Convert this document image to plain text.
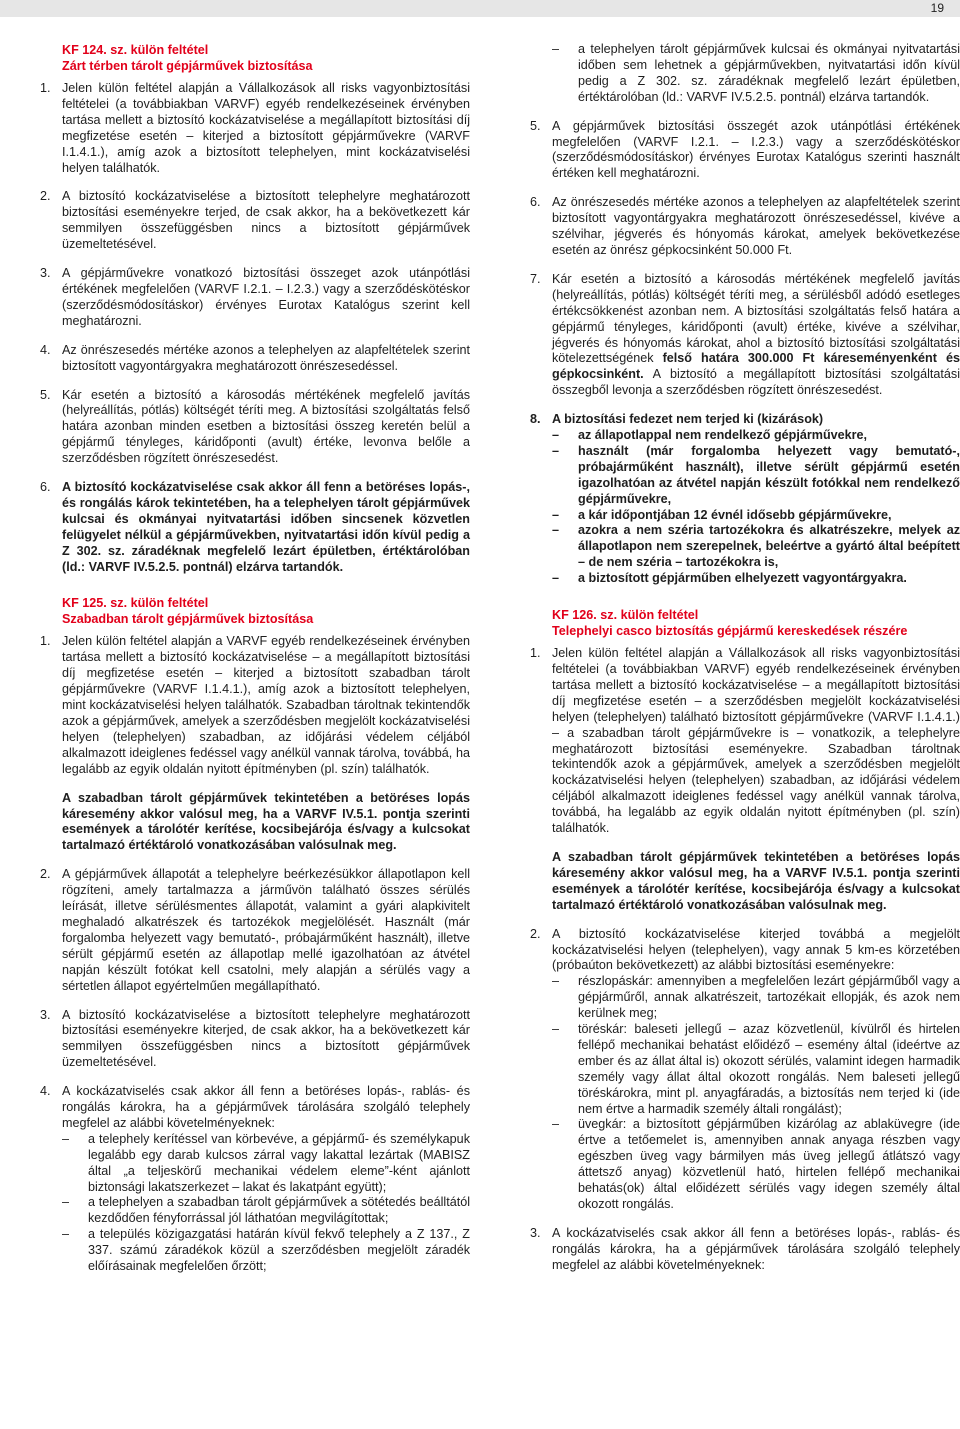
19
KF 124. sz. külön feltétel
Zárt térben tárolt gépjárművek biztosítása
1. Jelen külön feltétel alapján a Vállalkozások all risks vagyonbiztosítási feltételei (a továbbiakban VARVF) egyéb rendelkezéseinek érvényben tartása mellett a biztosító kockázatviselése a megállapított biztosítási díj megfizetése esetén – kiterjed a biztosított gépjárművekre (VARVF I.1.4.1.), amíg azok a biztosított telephelyen, mint kockázatviselési helyen találhatók.
2. A biztosító kockázatviselése a biztosított telephelyre meghatározott biztosítási eseményekre terjed, de csak akkor, ha a bekövetkezett kár semmilyen összefüggésben nincs a biztosított gépjárművek üzemeltetésével.
3. A gépjárművekre vonatkozó biztosítási összeget azok utánpótlási értékének megfelelően (VARVF I.2.1. – I.2.3.) vagy a szerződéskötéskor (szerződésmódosításkor) érvényes Eurotax Katalógus szerint kell meghatározni.
4. Az önrészesedés mértéke azonos a telephelyen az alapfeltételek szerint biztosított vagyontárgyakra meghatározott önrészesedéssel.
5. Kár esetén a biztosító a károsodás mértékének megfelelő javítás (helyreállítás, pótlás) költségét téríti meg. A biztosítási szolgáltatás felső határa azonban minden esetben a biztosítási összeg keretén belül a gépjármű tényleges, káridőponti (avult) értéke, levonva belőle a szerződésben rögzített önrészesedést.
6. A biztosító kockázatviselése csak akkor áll fenn a betöréses lopás-, és rongálás károk tekintetében, ha a telephelyen tárolt gépjárművek kulcsai és okmányai nyitvatartási időben sincsenek közvetlen felügyelet nélkül a gépjárművekben, nyitvatartási időn kívül pedig a Z 302. sz. záradéknak megfelelő lezárt épületben, értéktárolóban (ld.: VARVF IV.5.2.5. pontnál) elzárva tartandók.
KF 125. sz. külön feltétel
Szabadban tárolt gépjárművek biztosítása
1. Jelen külön feltétel alapján a VARVF egyéb rendelkezéseinek érvényben tartása mellett a biztosító kockázatviselése – a megállapított biztosítási díj megfizetése esetén – kiterjed a biztosított szabadban tárolt gépjárművekre (VARVF I.1.4.1.), amíg azok a biztosított telephelyen, mint kockázatviselési helyen találhatók. Szabadban tároltnak tekintendők azok a gépjárművek, amelyek a szerződésben megjelölt kockázatviselési helyen (telephelyen) szabadban, az időjárási védelem céljából alkalmazott ideiglenes fedéssel vagy anélkül vannak tárolva, továbbá, ha legalább az egyik oldalán nyitott építményben (pl. szín) találhatók.
A szabadban tárolt gépjárművek tekintetében a betöréses lopás káresemény akkor valósul meg, ha a VARVF IV.5.1. pontja szerinti események a tárolótér kerítése, kocsibejárója és/vagy a kulcsokat tartalmazó értéktároló vonatkozásában valósulnak meg.
2. A gépjárművek állapotát a telephelyre beérkezésükkor állapotlapon kell rögzíteni, amely tartalmazza a járművön található összes sérülés leírását, illetve sérülésmentes állapotát, valamint a gyári alapkivitelt meghaladó alkatrészek és tartozékok megjelölését. Használt (már forgalomba helyezett vagy bemutató-, próbajárműként használt), illetve sérült gépjármű esetén az állapotlap mellé igazolhatóan az átvétel napján készült fotókat kell csatolni, mely alapján a sérülés vagy a sértetlen állapot egyértelműen megállapítható.
3. A biztosító kockázatviselése a biztosított telephelyre meghatározott biztosítási eseményekre kiterjed, de csak akkor, ha a bekövetkezett kár semmilyen összefüggésben nincs a biztosított gépjárművek üzemeltetésével.
4. A kockázatviselés csak akkor áll fenn a betöréses lopás-, rablás- és rongálás károkra, ha a gépjárművek tárolására szolgáló telephely megfelel az alábbi követelményeknek:
– a telephely kerítéssel van körbevéve, a gépjármű- és személykapuk legalább egy darab kulcsos zárral vagy lakattal lezártak (MABISZ által „a teljeskörű mechanikai védelem eleme”-ként ajánlott biztonsági lakatszerkezet – lakat és lakatpánt együtt);
– a telephelyen a szabadban tárolt gépjárművek a sötétedés beálltától kezdődően fényforrással jól láthatóan megvilágítottak;
– a település közigazgatási határán kívül fekvő telephely a Z 137., Z 337. számú záradékok közül a szerződésben megjelölt záradék előírásainak megfelelően őrzött;
– a telephelyen tárolt gépjárművek kulcsai és okmányai nyitvatartási időben sem lehetnek a gépjárművekben, nyitvatartási időn kívül pedig a Z 302. sz. záradéknak megfelelő lezárt épületben, értéktárolóban (ld.: VARVF IV.5.2.5. pontnál) elzárva tartandók.
5. A gépjárművek biztosítási összegét azok utánpótlási értékének megfelelően (VARVF I.2.1. – I.2.3.) vagy a szerződéskötéskor (szerződésmódosításkor) érvényes Eurotax Katalógus szerinti használt értéken kell meghatározni.
6. Az önrészesedés mértéke azonos a telephelyen az alapfeltételek szerint biztosított vagyontárgyakra meghatározott önrészesedéssel, kivéve a szélvihar, jégverés és hónyomás károkat, amelyek bekövetkezése esetén az önrész gépkocsinként 50.000 Ft.
7. Kár esetén a biztosító a károsodás mértékének megfelelő javítás (helyreállítás, pótlás) költségét téríti meg, a sérülésből adódó esetleges értékcsökkenést azonban nem. A biztosítási szolgáltatás felső határa a gépjármű tényleges, káridőponti (avult) értéke, kivéve a szélvihar, jégverés és hónyomás károkat, ahol a biztosító biztosítási szolgáltatási kötelezettségének felső határa 300.000 Ft káreseményenként és gépkocsinként. A biztosító a megállapított biztosítási szolgáltatási összegből levonja a szerződésben rögzített önrészesedést.
8. A biztosítási fedezet nem terjed ki (kizárások)
– az állapotlappal nem rendelkező gépjárművekre,
– használt (már forgalomba helyezett vagy bemutató-, próbajárműként használt), illetve sérült gépjármű esetén igazolhatóan az átvétel napján készült fotókkal nem rendelkező gépjárművekre,
– a kár időpontjában 12 évnél idősebb gépjárművekre,
– azokra a nem széria tartozékokra és alkatrészekre, melyek az állapotlapon nem szerepelnek, beleértve a gyártó által beépített – de nem széria – tartozékokra is,
– a biztosított gépjárműben elhelyezett vagyontárgyakra.
KF 126. sz. külön feltétel
Telephelyi casco biztosítás gépjármű kereskedések részére
1. Jelen külön feltétel alapján a Vállalkozások all risks vagyonbiztosítási feltételei (a továbbiakban VARVF) egyéb rendelkezéseinek érvényben tartása mellett a biztosító kockázatviselése – a megállapított biztosítási díj megfizetése esetén – a szerződésben megjelölt kockázatviselési helyen (telephelyen) található biztosított gépjárművekre (VARVF I.1.4.1.) – a szabadban tárolt gépjárművekre is – vonatkozik, a telephelyre meghatározott biztosítási eseményekre. Szabadban tároltnak tekintendők azok a gépjárművek, amelyek a szerződésben megjelölt kockázatviselési helyen (telephelyen) szabadban, az időjárási védelem céljából alkalmazott ideiglenes fedéssel vagy anélkül vannak tárolva, továbbá, ha legalább az egyik oldalán nyitott építményben (pl. szín) találhatók.
A szabadban tárolt gépjárművek tekintetében a betöréses lopás káresemény akkor valósul meg, ha a VARVF IV.5.1. pontja szerinti események a tárolótér kerítése, kocsibejárója és/vagy a kulcsokat tartalmazó értéktároló vonatkozásában valósulnak meg.
2. A biztosító kockázatviselése kiterjed továbbá a megjelölt kockázatviselési helyen (telephelyen), vagy annak 5 km-es körzetében (próbaúton bekövetkezett) az alábbi biztosítási eseményekre:
– részlopáskár: amennyiben a megfelelően lezárt gépjárműből vagy a gépjárműről, annak alkatrészeit, tartozékait ellopják, és azok nem kerülnek meg;
– töréskár: baleseti jellegű – azaz közvetlenül, kívülről és hirtelen fellépő mechanikai behatást előidéző – esemény által (ideértve az ember és az állat által is) okozott sérülés, valamint idegen harmadik személy vagy állat által okozott rongálás. Nem baleseti jellegű töréskárokra, mint pl. anyagfáradás, a biztosítás nem terjed ki (ide nem értve a harmadik személy általi rongálást);
– üvegkár: a biztosított gépjárműben kizárólag az ablaküvegre (ide értve a tetőemelet is, amennyiben annak anyaga részben vagy egészben üveg vagy bármilyen más üveg jellegű átlátszó vagy áttetsző anyag) közvetlenül ható, hirtelen fellépő mechanikai behatás(ok) által előidézett sérülés vagy idegen személy által okozott rongálás.
3. A kockázatviselés csak akkor áll fenn a betöréses lopás-, rablás- és rongálás károkra, ha a gépjárművek tárolására szolgáló telephely megfelel az alábbi követelményeknek:
